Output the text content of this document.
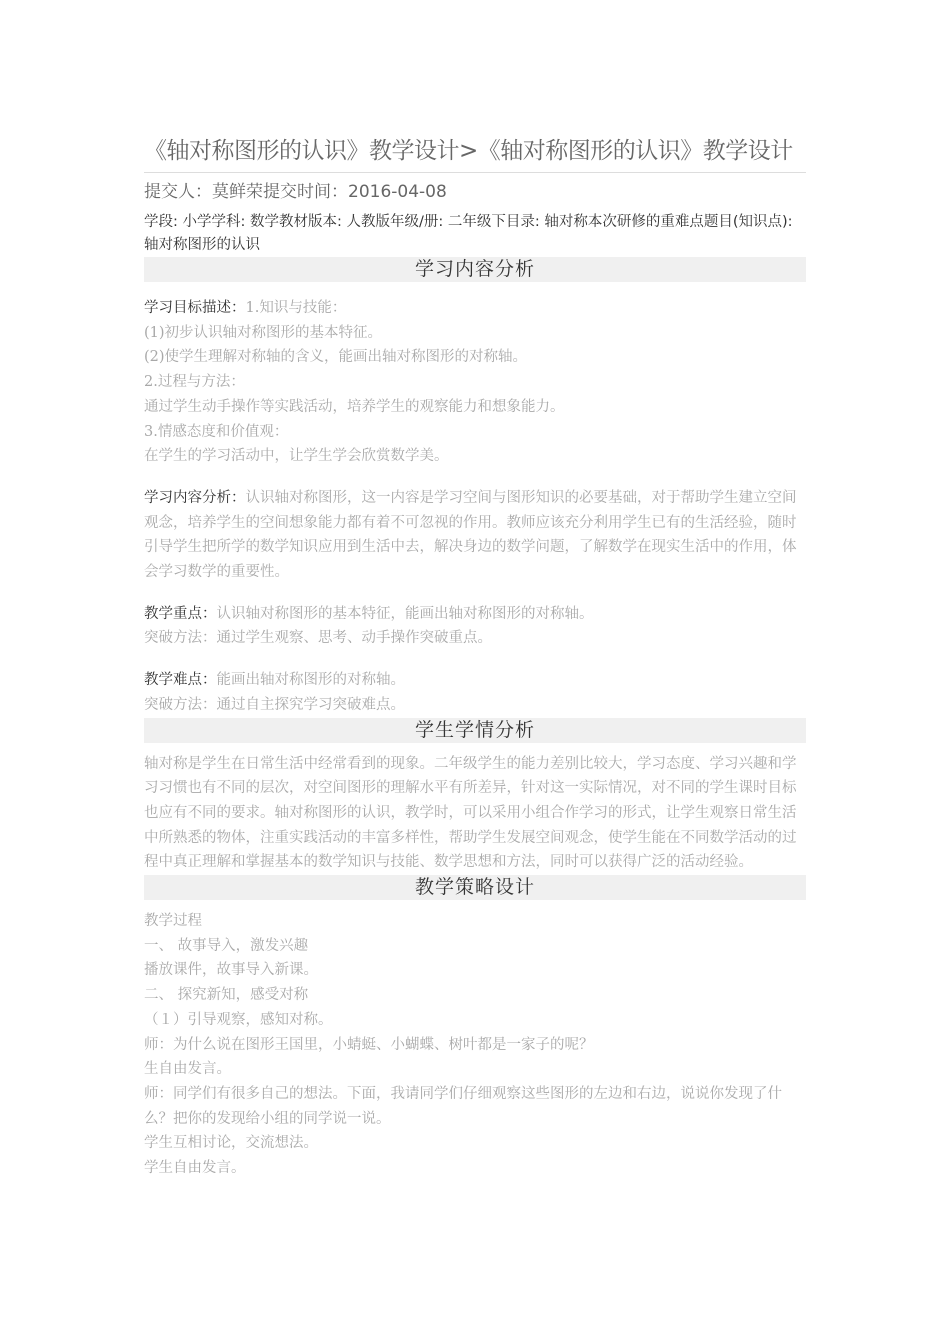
《轴对称图形的认识》教学设计>《轴对称图形的认识》教学设计
提交人：莫鲜荣提交时间：2016-04-08
学段: 小学学科: 数学教材版本: 人教版年级/册: 二年级下目录: 轴对称本次研修的重难点题目(知识点): 轴对称图形的认识
学习内容分析
学习目标描述：1.知识与技能：
(1)初步认识轴对称图形的基本特征。
(2)使学生理解对称轴的含义，能画出轴对称图形的对称轴。
2.过程与方法：
通过学生动手操作等实践活动，培养学生的观察能力和想象能力。
3.情感态度和价值观：
在学生的学习活动中，让学生学会欣赏数学美。
学习内容分析：认识轴对称图形，这一内容是学习空间与图形知识的必要基础，对于帮助学生建立空间观念，培养学生的空间想象能力都有着不可忽视的作用。教师应该充分利用学生已有的生活经验，随时引导学生把所学的数学知识应用到生活中去，解决身边的数学问题，了解数学在现实生活中的作用，体会学习数学的重要性。
教学重点：认识轴对称图形的基本特征，能画出轴对称图形的对称轴。
突破方法：通过学生观察、思考、动手操作突破重点。
教学难点：能画出轴对称图形的对称轴。
突破方法：通过自主探究学习突破难点。
学生学情分析
轴对称是学生在日常生活中经常看到的现象。二年级学生的能力差别比较大，学习态度、学习兴趣和学习习惯也有不同的层次，对空间图形的理解水平有所差异，针对这一实际情况，对不同的学生课时目标也应有不同的要求。轴对称图形的认识，教学时，可以采用小组合作学习的形式，让学生观察日常生活中所熟悉的物体，注重实践活动的丰富多样性，帮助学生发展空间观念，使学生能在不同数学活动的过程中真正理解和掌握基本的数学知识与技能、数学思想和方法，同时可以获得广泛的活动经验。
教学策略设计
教学过程
一、 故事导入，激发兴趣
播放课件，故事导入新课。
二、 探究新知，感受对称
（１）引导观察，感知对称。
师：为什么说在图形王国里，小蜻蜓、小蝴蝶、树叶都是一家子的呢？
生自由发言。
师：同学们有很多自己的想法。下面，我请同学们仔细观察这些图形的左边和右边，说说你发现了什么？把你的发现给小组的同学说一说。
学生互相讨论，交流想法。
学生自由发言。
